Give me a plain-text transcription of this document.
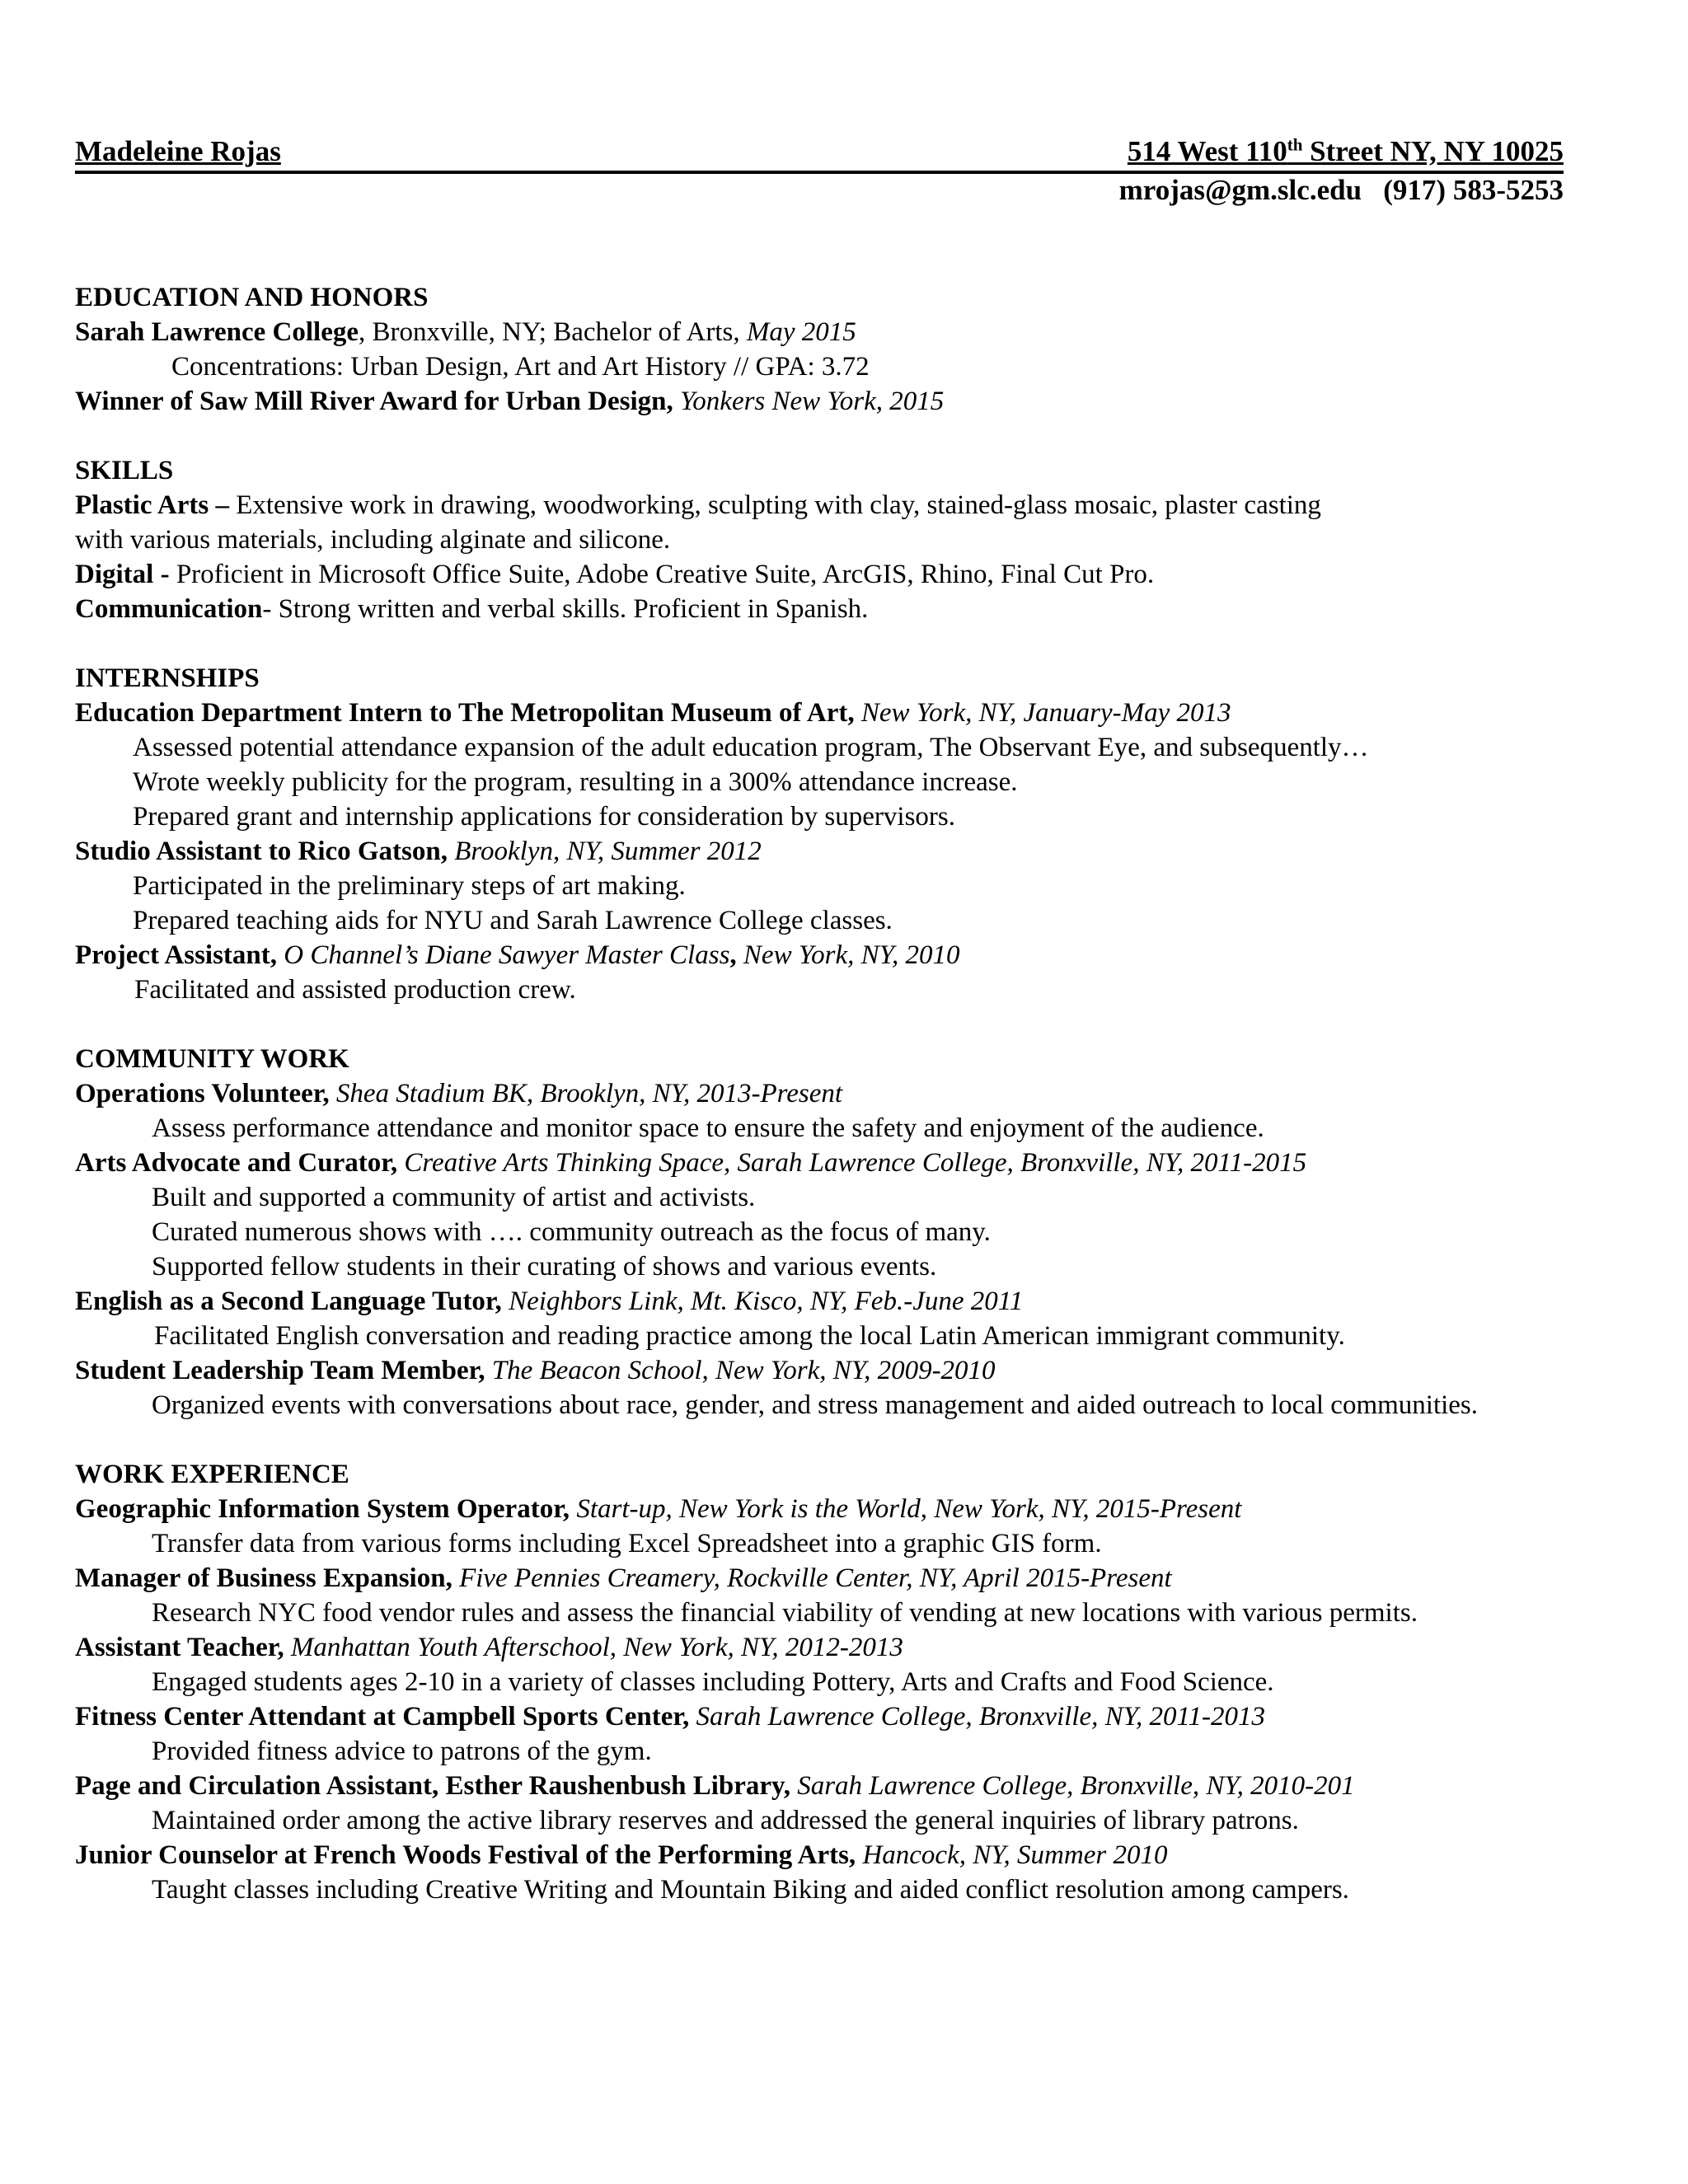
Madeleine Rojas	514 West 110th Street NY, NY 10025
mrojas@gm.slc.edu   (917) 583-5253
EDUCATION AND HONORS
Sarah Lawrence College, Bronxville, NY; Bachelor of Arts, May 2015
Concentrations: Urban Design, Art and Art History // GPA: 3.72
Winner of Saw Mill River Award for Urban Design, Yonkers New York, 2015
SKILLS
Plastic Arts – Extensive work in drawing, woodworking, sculpting with clay, stained-glass mosaic, plaster casting
with various materials, including alginate and silicone.
Digital - Proficient in Microsoft Office Suite, Adobe Creative Suite, ArcGIS, Rhino, Final Cut Pro.
Communication- Strong written and verbal skills. Proficient in Spanish.
INTERNSHIPS
Education Department Intern to The Metropolitan Museum of Art, New York, NY, January-May 2013
Assessed potential attendance expansion of the adult education program, The Observant Eye, and subsequently…
Wrote weekly publicity for the program, resulting in a 300% attendance increase.
Prepared grant and internship applications for consideration by supervisors.
Studio Assistant to Rico Gatson, Brooklyn, NY, Summer 2012
Participated in the preliminary steps of art making.
Prepared teaching aids for NYU and Sarah Lawrence College classes.
Project Assistant, O Channel’s Diane Sawyer Master Class, New York, NY, 2010
Facilitated and assisted production crew.
COMMUNITY WORK
Operations Volunteer, Shea Stadium BK, Brooklyn, NY, 2013-Present
Assess performance attendance and monitor space to ensure the safety and enjoyment of the audience.
Arts Advocate and Curator, Creative Arts Thinking Space, Sarah Lawrence College, Bronxville, NY, 2011-2015
Built and supported a community of artist and activists.
Curated numerous shows with …. community outreach as the focus of many.
Supported fellow students in their curating of shows and various events.
English as a Second Language Tutor, Neighbors Link, Mt. Kisco, NY, Feb.-June 2011
Facilitated English conversation and reading practice among the local Latin American immigrant community.
Student Leadership Team Member, The Beacon School, New York, NY, 2009-2010
Organized events with conversations about race, gender, and stress management and aided outreach to local communities.
WORK EXPERIENCE
Geographic Information System Operator, Start-up, New York is the World, New York, NY, 2015-Present
Transfer data from various forms including Excel Spreadsheet into a graphic GIS form.
Manager of Business Expansion, Five Pennies Creamery, Rockville Center, NY, April 2015-Present
Research NYC food vendor rules and assess the financial viability of vending at new locations with various permits.
Assistant Teacher, Manhattan Youth Afterschool, New York, NY, 2012-2013
Engaged students ages 2-10 in a variety of classes including Pottery, Arts and Crafts and Food Science.
Fitness Center Attendant at Campbell Sports Center, Sarah Lawrence College, Bronxville, NY, 2011-2013
Provided fitness advice to patrons of the gym.
Page and Circulation Assistant, Esther Raushenbush Library, Sarah Lawrence College, Bronxville, NY, 2010-201
Maintained order among the active library reserves and addressed the general inquiries of library patrons.
Junior Counselor at French Woods Festival of the Performing Arts, Hancock, NY, Summer 2010
Taught classes including Creative Writing and Mountain Biking and aided conflict resolution among campers.
